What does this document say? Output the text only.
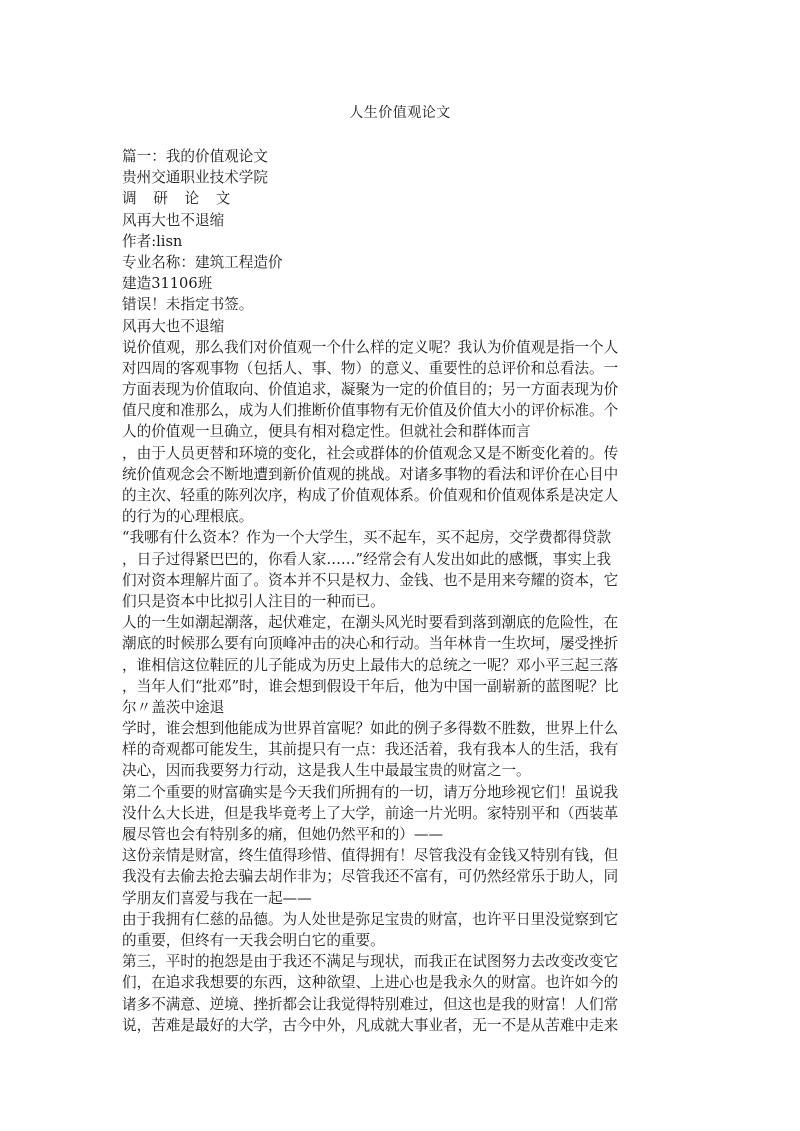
人生价值观论文
篇一：我的价值观论文
贵州交通职业技术学院
调 研 论 文
风再大也不退缩
作者:lisn
专业名称：建筑工程造价
建造31106班
错误！未指定书签。
风再大也不退缩
说价值观，那么我们对价值观一个什么样的定义呢？我认为价值观是指一个人
对四周的客观事物（包括人、事、物）的意义、重要性的总评价和总看法。一
方面表现为价值取向、价值追求，凝聚为一定的价值目的；另一方面表现为价
值尺度和准那么，成为人们推断价值事物有无价值及价值大小的评价标准。个
人的价值观一旦确立，便具有相对稳定性。但就社会和群体而言
，由于人员更替和环境的变化，社会或群体的价值观念又是不断变化着的。传
统价值观念会不断地遭到新价值观的挑战。对诸多事物的看法和评价在心目中
的主次、轻重的陈列次序，构成了价值观体系。价值观和价值观体系是决定人
的行为的心理根底。
“我哪有什么资本？作为一个大学生，买不起车，买不起房，交学费都得贷款
，日子过得紧巴巴的，你看人家……”经常会有人发出如此的感慨，事实上我
们对资本理解片面了。资本并不只是权力、金钱、也不是用来夸耀的资本，它
们只是资本中比拟引人注目的一种而已。
人的一生如潮起潮落，起伏难定，在潮头风光时要看到落到潮底的危险性，在
潮底的时候那么要有向顶峰冲击的决心和行动。当年林肯一生坎坷，屡受挫折
，谁相信这位鞋匠的儿子能成为历史上最伟大的总统之一呢？邓小平三起三落
，当年人们“批邓”时，谁会想到假设干年后，他为中国一副崭新的蓝图呢？比
尔〃盖茨中途退
学时，谁会想到他能成为世界首富呢？如此的例子多得数不胜数，世界上什么
样的奇观都可能发生，其前提只有一点：我还活着，我有我本人的生活，我有
决心，因而我要努力行动，这是我人生中最最宝贵的财富之一。
第二个重要的财富确实是今天我们所拥有的一切，请万分地珍视它们！虽说我
没什么大长进，但是我毕竟考上了大学，前途一片光明。家特别平和（西装革
履尽管也会有特别多的痛，但她仍然平和的）——
这份亲情是财富，终生值得珍惜、值得拥有！尽管我没有金钱又特别有钱，但
我没有去偷去抢去骗去胡作非为；尽管我还不富有，可仍然经常乐于助人，同
学朋友们喜爱与我在一起——
由于我拥有仁慈的品德。为人处世是弥足宝贵的财富，也许平日里没觉察到它
的重要，但终有一天我会明白它的重要。
第三，平时的抱怨是由于我还不满足与现状，而我正在试图努力去改变改变它
们，在追求我想要的东西，这种欲望、上进心也是我永久的财富。也许如今的
诸多不满意、逆境、挫折都会让我觉得特别难过，但这也是我的财富！人们常
说，苦难是最好的大学，古今中外，凡成就大事业者，无一不是从苦难中走来
